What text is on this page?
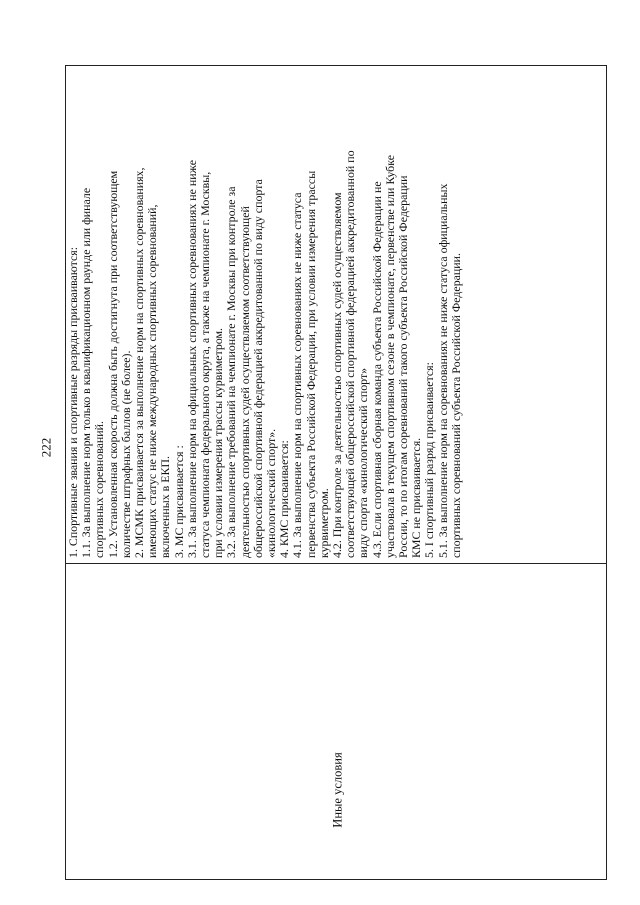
222 1. Спортивные звания и спортивные разряды присваиваются: 1.1. За выполнение норм только в квалификационном раунде или финале спортивных соревнований. 1.2. Установленная скорость должна быть достигнута при соответствующем количестве штрафных баллов (не более). 2. МСМК присваивается за выполнение норм на спортивных соревнованиях, имеющих статус не ниже международных спортивных соревнований, включенных в ЕКП. 3. МС присваивается : 3.1. За выполнение норм на официальных спортивных соревнованиях не ниже статуса чемпионата федерального округа, а также на чемпионате г. Москвы, при условии измерения трассы курвиметром. 3.2. За выполнение требований на чемпионате г. Москвы при контроле за деятельностью спортивных судей осуществляемом соответствующей общероссийской спортивной федерацией аккредитованной по виду спорта «кинологический спорт». 4. КМС присваивается: 4.1. За выполнение норм на спортивных соревнованиях не ниже статуса первенства субъекта Российской Федерации, при условии измерения трассы курвиметром. 4.2. При контроле за деятельностью спортивных судей осуществляемом соответствующей общероссийской спортивной федерацией аккредитованной по виду спорта «кинологический спорт» 4.3. Если спортивная сборная команда субъекта Российской Федерации не участвовала в текущем спортивном сезоне в чемпионате, первенстве или Кубке России, то по итогам соревнований такого субъекта Российской Федерации КМС не присваивается. 5. I спортивный разряд присваивается: 5.1. За выполнение норм на соревнованиях не ниже статуса официальных спортивных соревнований субъекта Российской Федерации.
Иные условия
